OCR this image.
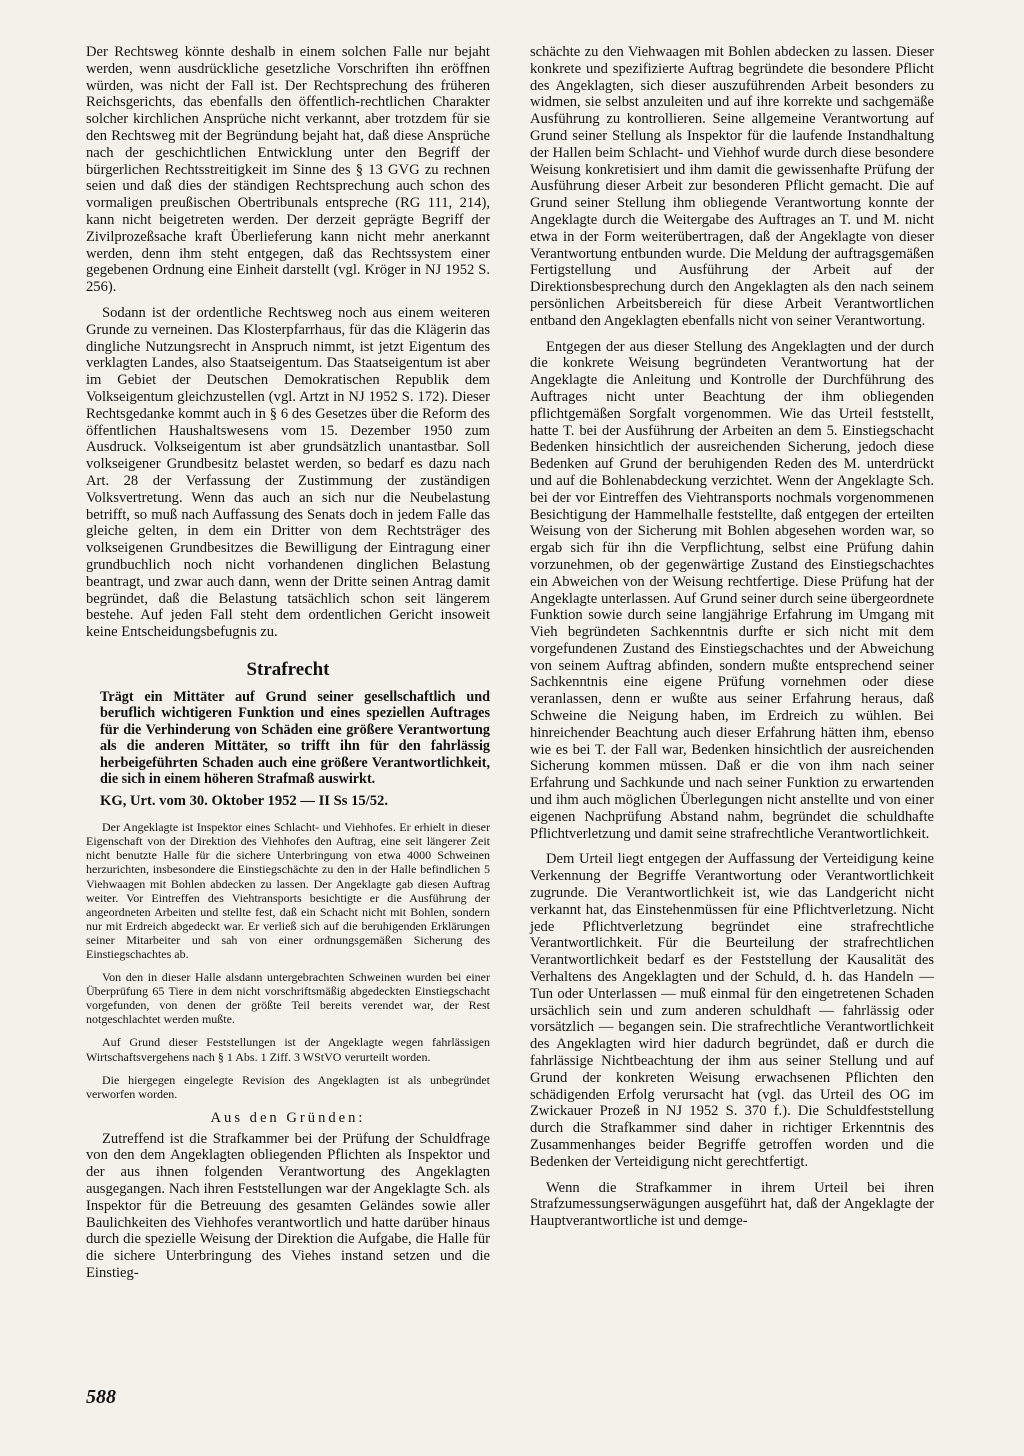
Der Rechtsweg könnte deshalb in einem solchen Falle nur bejaht werden, wenn ausdrückliche gesetzliche Vorschriften ihn eröffnen würden, was nicht der Fall ist. Der Rechtsprechung des früheren Reichsgerichts, das ebenfalls den öffentlich-rechtlichen Charakter solcher kirchlichen Ansprüche nicht verkannt, aber trotzdem für sie den Rechtsweg mit der Begründung bejaht hat, daß diese Ansprüche nach der geschichtlichen Entwicklung unter den Begriff der bürgerlichen Rechtsstreitigkeit im Sinne des § 13 GVG zu rechnen seien und daß dies der ständigen Rechtsprechung auch schon des vormaligen preußischen Obertribunals entspreche (RG 111, 214), kann nicht beigetreten werden. Der derzeit geprägte Begriff der Zivilprozeßsache kraft Überlieferung kann nicht mehr anerkannt werden, denn ihm steht entgegen, daß das Rechtssystem einer gegebenen Ordnung eine Einheit darstellt (vgl. Kröger in NJ 1952 S. 256).

Sodann ist der ordentliche Rechtsweg noch aus einem weiteren Grunde zu verneinen. Das Klosterpfarrhaus, für das die Klägerin das dingliche Nutzungsrecht in Anspruch nimmt, ist jetzt Eigentum des verklagten Landes, also Staatseigentum. Das Staatseigentum ist aber im Gebiet der Deutschen Demokratischen Republik dem Volkseigentum gleichzustellen (vgl. Artzt in NJ 1952 S. 172). Dieser Rechtsgedanke kommt auch in § 6 des Gesetzes über die Reform des öffentlichen Haushaltswesens vom 15. Dezember 1950 zum Ausdruck. Volkseigentum ist aber grundsätzlich unantastbar. Soll volkseigener Grundbesitz belastet werden, so bedarf es dazu nach Art. 28 der Verfassung der Zustimmung der zuständigen Volksvertretung. Wenn das auch an sich nur die Neubelastung betrifft, so muß nach Auffassung des Senats doch in jedem Falle das gleiche gelten, in dem ein Dritter von dem Rechtsträger des volkseigenen Grundbesitzes die Bewilligung der Eintragung einer grundbuchlich noch nicht vorhandenen dinglichen Belastung beantragt, und zwar auch dann, wenn der Dritte seinen Antrag damit begründet, daß die Belastung tatsächlich schon seit längerem bestehe. Auf jeden Fall steht dem ordentlichen Gericht insoweit keine Entscheidungsbefugnis zu.

Strafrecht
Trägt ein Mittäter auf Grund seiner gesellschaftlich und beruflich wichtigeren Funktion und eines speziellen Auftrages für die Verhinderung von Schäden eine größere Verantwortung als die anderen Mittäter, so trifft ihn für den fahrlässig herbeigeführten Schaden auch eine größere Verantwortlichkeit, die sich in einem höheren Strafmaß auswirkt.
KG, Urt. vom 30. Oktober 1952 — II Ss 15/52.

Der Angeklagte ist Inspektor eines Schlacht- und Viehhofes. Er erhielt in dieser Eigenschaft von der Direktion des Viehhofes den Auftrag, eine seit längerer Zeit nicht benutzte Halle für die sichere Unterbringung von etwa 4000 Schweinen herzurichten, insbesondere die Einstiegschächte zu den in der Halle befindlichen 5 Viehwaagen mit Bohlen abdecken zu lassen. Der Angeklagte gab diesen Auftrag weiter. Vor Eintreffen des Viehtransports besichtigte er die Ausführung der angeordneten Arbeiten und stellte fest, daß ein Schacht nicht mit Bohlen, sondern nur mit Erdreich abgedeckt war. Er verließ sich auf die beruhigenden Erklärungen seiner Mitarbeiter und sah von einer ordnungsgemäßen Sicherung des Einstiegschachtes ab.

Von den in dieser Halle alsdann untergebrachten Schweinen wurden bei einer Überprüfung 65 Tiere in dem nicht vorschriftsmäßig abgedeckten Einstiegschacht vorgefunden, von denen der größte Teil bereits verendet war, der Rest notgeschlachtet werden mußte.

Auf Grund dieser Feststellungen ist der Angeklagte wegen fahrlässigen Wirtschaftsvergehens nach § 1 Abs. 1 Ziff. 3 WStVO verurteilt worden.

Die hiergegen eingelegte Revision des Angeklagten ist als unbegründet verworfen worden.

Aus den Gründen:

Zutreffend ist die Strafkammer bei der Prüfung der Schuldfrage von den dem Angeklagten obliegenden Pflichten als Inspektor und der aus ihnen folgenden Verantwortung des Angeklagten ausgegangen. Nach ihren Feststellungen war der Angeklagte Sch. als Inspektor für die Betreuung des gesamten Geländes sowie aller Baulichkeiten des Viehhofes verantwortlich und hatte darüber hinaus durch die spezielle Weisung der Direktion die Aufgabe, die Halle für die sichere Unterbringung des Viehes instand setzen und die Einstieg-

schächte zu den Viehwaagen mit Bohlen abdecken zu lassen. Dieser konkrete und spezifizierte Auftrag begründete die besondere Pflicht des Angeklagten, sich dieser auszuführenden Arbeit besonders zu widmen, sie selbst anzuleiten und auf ihre korrekte und sachgemäße Ausführung zu kontrollieren. Seine allgemeine Verantwortung auf Grund seiner Stellung als Inspektor für die laufende Instandhaltung der Hallen beim Schlacht- und Viehhof wurde durch diese besondere Weisung konkretisiert und ihm damit die gewissenhafte Prüfung der Ausführung dieser Arbeit zur besonderen Pflicht gemacht. Die auf Grund seiner Stellung ihm obliegende Verantwortung konnte der Angeklagte durch die Weitergabe des Auftrages an T. und M. nicht etwa in der Form weiterübertragen, daß der Angeklagte von dieser Verantwortung entbunden wurde. Die Meldung der auftragsgemäßen Fertigstellung und Ausführung der Arbeit auf der Direktionsbesprechung durch den Angeklagten als den nach seinem persönlichen Arbeitsbereich für diese Arbeit Verantwortlichen entband den Angeklagten ebenfalls nicht von seiner Verantwortung.

Entgegen der aus dieser Stellung des Angeklagten und der durch die konkrete Weisung begründeten Verantwortung hat der Angeklagte die Anleitung und Kontrolle der Durchführung des Auftrages nicht unter Beachtung der ihm obliegenden pflichtgemäßen Sorgfalt vorgenommen. Wie das Urteil feststellt, hatte T. bei der Ausführung der Arbeiten an dem 5. Einstiegschacht Bedenken hinsichtlich der ausreichenden Sicherung, jedoch diese Bedenken auf Grund der beruhigenden Reden des M. unterdrückt und auf die Bohlenabdeckung verzichtet. Wenn der Angeklagte Sch. bei der vor Eintreffen des Viehtransports nochmals vorgenommenen Besichtigung der Hammelhalle feststellte, daß entgegen der erteilten Weisung von der Sicherung mit Bohlen abgesehen worden war, so ergab sich für ihn die Verpflichtung, selbst eine Prüfung dahin vorzunehmen, ob der gegenwärtige Zustand des Einstiegschachtes ein Abweichen von der Weisung rechtfertige. Diese Prüfung hat der Angeklagte unterlassen. Auf Grund seiner durch seine übergeordnete Funktion sowie durch seine langjährige Erfahrung im Umgang mit Vieh begründeten Sachkenntnis durfte er sich nicht mit dem vorgefundenen Zustand des Einstiegschachtes und der Abweichung von seinem Auftrag abfinden, sondern mußte entsprechend seiner Sachkenntnis eine eigene Prüfung vornehmen oder diese veranlassen, denn er wußte aus seiner Erfahrung heraus, daß Schweine die Neigung haben, im Erdreich zu wühlen. Bei hinreichender Beachtung auch dieser Erfahrung hätten ihm, ebenso wie es bei T. der Fall war, Bedenken hinsichtlich der ausreichenden Sicherung kommen müssen. Daß er die von ihm nach seiner Erfahrung und Sachkunde und nach seiner Funktion zu erwartenden und ihm auch möglichen Überlegungen nicht anstellte und von einer eigenen Nachprüfung Abstand nahm, begründet die schuldhafte Pflichtverletzung und damit seine strafrechtliche Verantwortlichkeit.

Dem Urteil liegt entgegen der Auffassung der Verteidigung keine Verkennung der Begriffe Verantwortung oder Verantwortlichkeit zugrunde. Die Verantwortlichkeit ist, wie das Landgericht nicht verkannt hat, das Einstehenmüssen für eine Pflichtverletzung. Nicht jede Pflichtverletzung begründet eine strafrechtliche Verantwortlichkeit. Für die Beurteilung der strafrechtlichen Verantwortlichkeit bedarf es der Feststellung der Kausalität des Verhaltens des Angeklagten und der Schuld, d. h. das Handeln — Tun oder Unterlassen — muß einmal für den eingetretenen Schaden ursächlich sein und zum anderen schuldhaft — fahrlässig oder vorsätzlich — begangen sein. Die strafrechtliche Verantwortlichkeit des Angeklagten wird hier dadurch begründet, daß er durch die fahrlässige Nichtbeachtung der ihm aus seiner Stellung und auf Grund der konkreten Weisung erwachsenen Pflichten den schädigenden Erfolg verursacht hat (vgl. das Urteil des OG im Zwickauer Prozeß in NJ 1952 S. 370 f.). Die Schuldfeststellung durch die Strafkammer sind daher in richtiger Erkenntnis des Zusammenhanges beider Begriffe getroffen worden und die Bedenken der Verteidigung nicht gerechtfertigt.

Wenn die Strafkammer in ihrem Urteil bei ihren Strafzumessungserwägungen ausgeführt hat, daß der Angeklagte der Hauptverantwortliche ist und demge-

588
